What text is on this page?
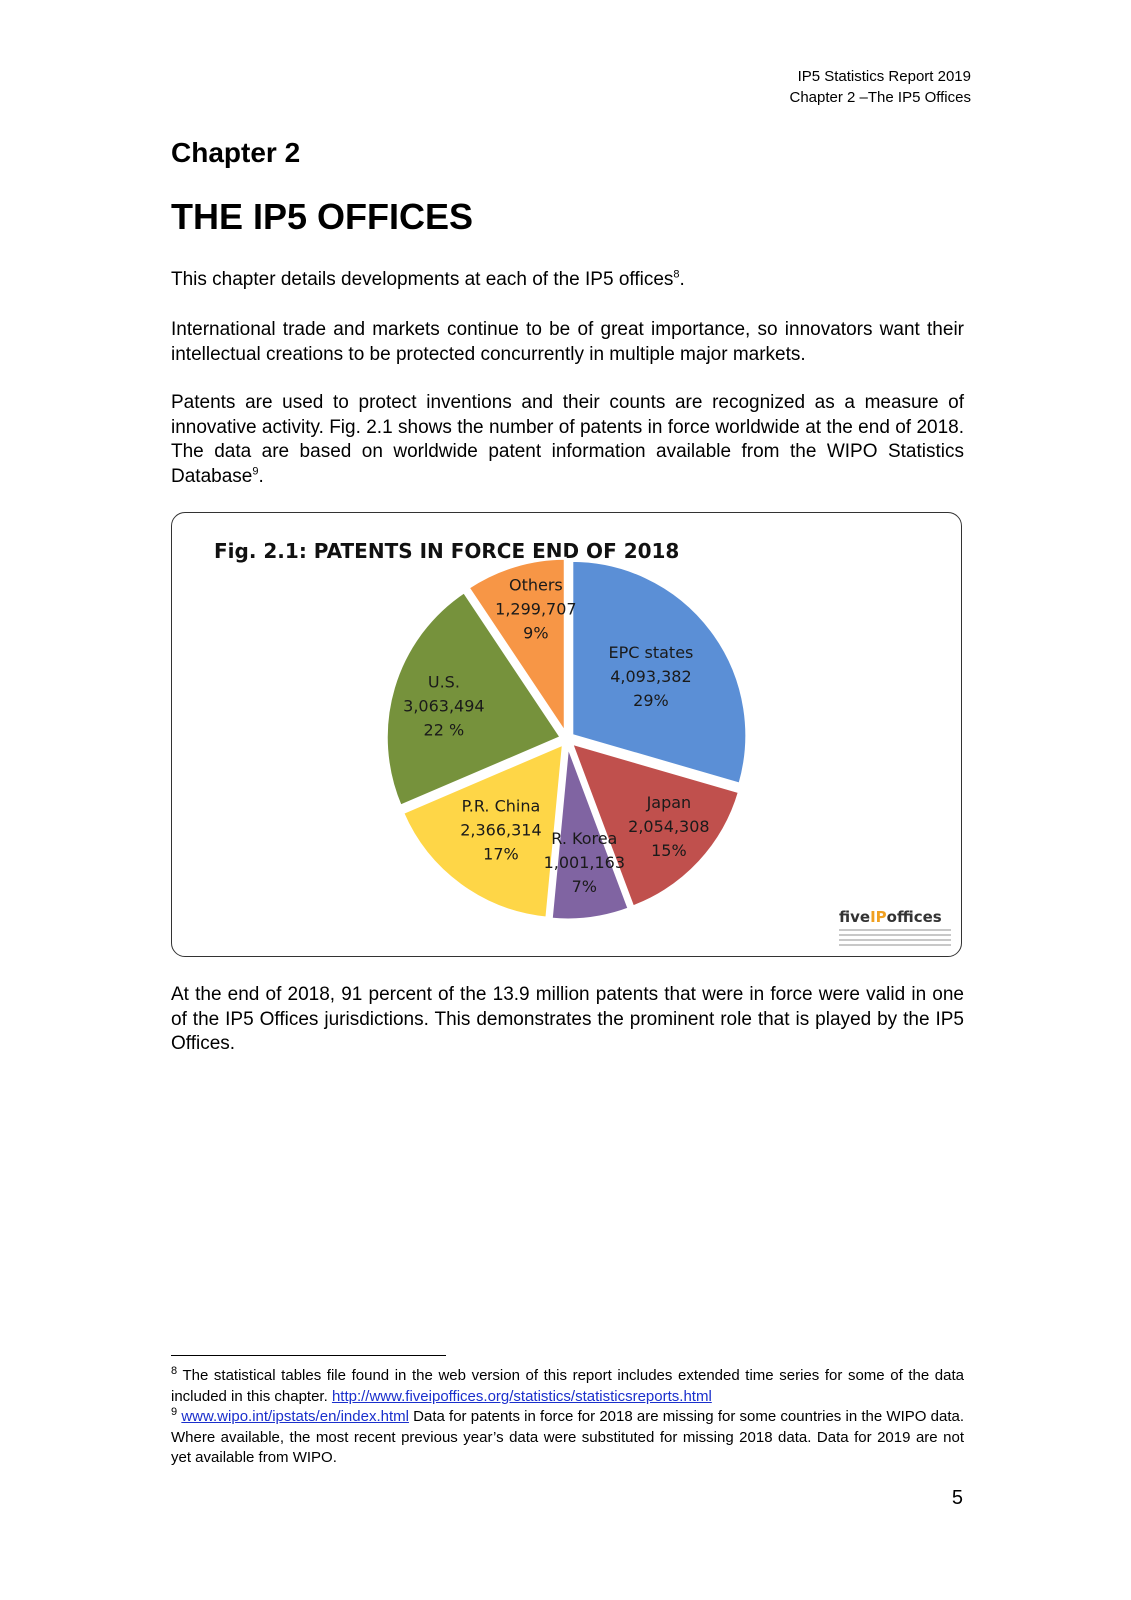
IP5 Statistics Report 2019
Chapter 2 –The IP5 Offices
Chapter 2
THE IP5 OFFICES

This chapter details developments at each of the IP5 offices$^8$.

International trade and markets continue to be of great importance, so innovators want their intellectual creations to be protected concurrently in multiple major markets.

Patents are used to protect inventions and their counts are recognized as a measure of innovative activity. Fig. 2.1 shows the number of patents in force worldwide at the end of 2018. The data are based on worldwide patent information available from the WIPO Statistics Database$^9$.

Fig. 2.1: PATENTS IN FORCE END OF 2018
EPC states 4,093,382 29%
Japan 2,054,308 15%
R. Korea 1,001,163 7%
P.R. China 2,366,314 17%
U.S. 3,063,494 22 %
Others 1,299,707 9%
fiveIPoffices

At the end of 2018, 91 percent of the 13.9 million patents that were in force were valid in one of the IP5 Offices jurisdictions. This demonstrates the prominent role that is played by the IP5 Offices.

$^8$ The statistical tables file found in the web version of this report includes extended time series for some of the data included in this chapter. http://www.fiveipoffices.org/statistics/statisticsreports.html

$^9$ www.wipo.int/ipstats/en/index.html Data for patents in force for 2018 are missing for some countries in the WIPO data. Where available, the most recent previous year’s data were substituted for missing 2018 data. Data for 2019 are not yet available from WIPO.

5
